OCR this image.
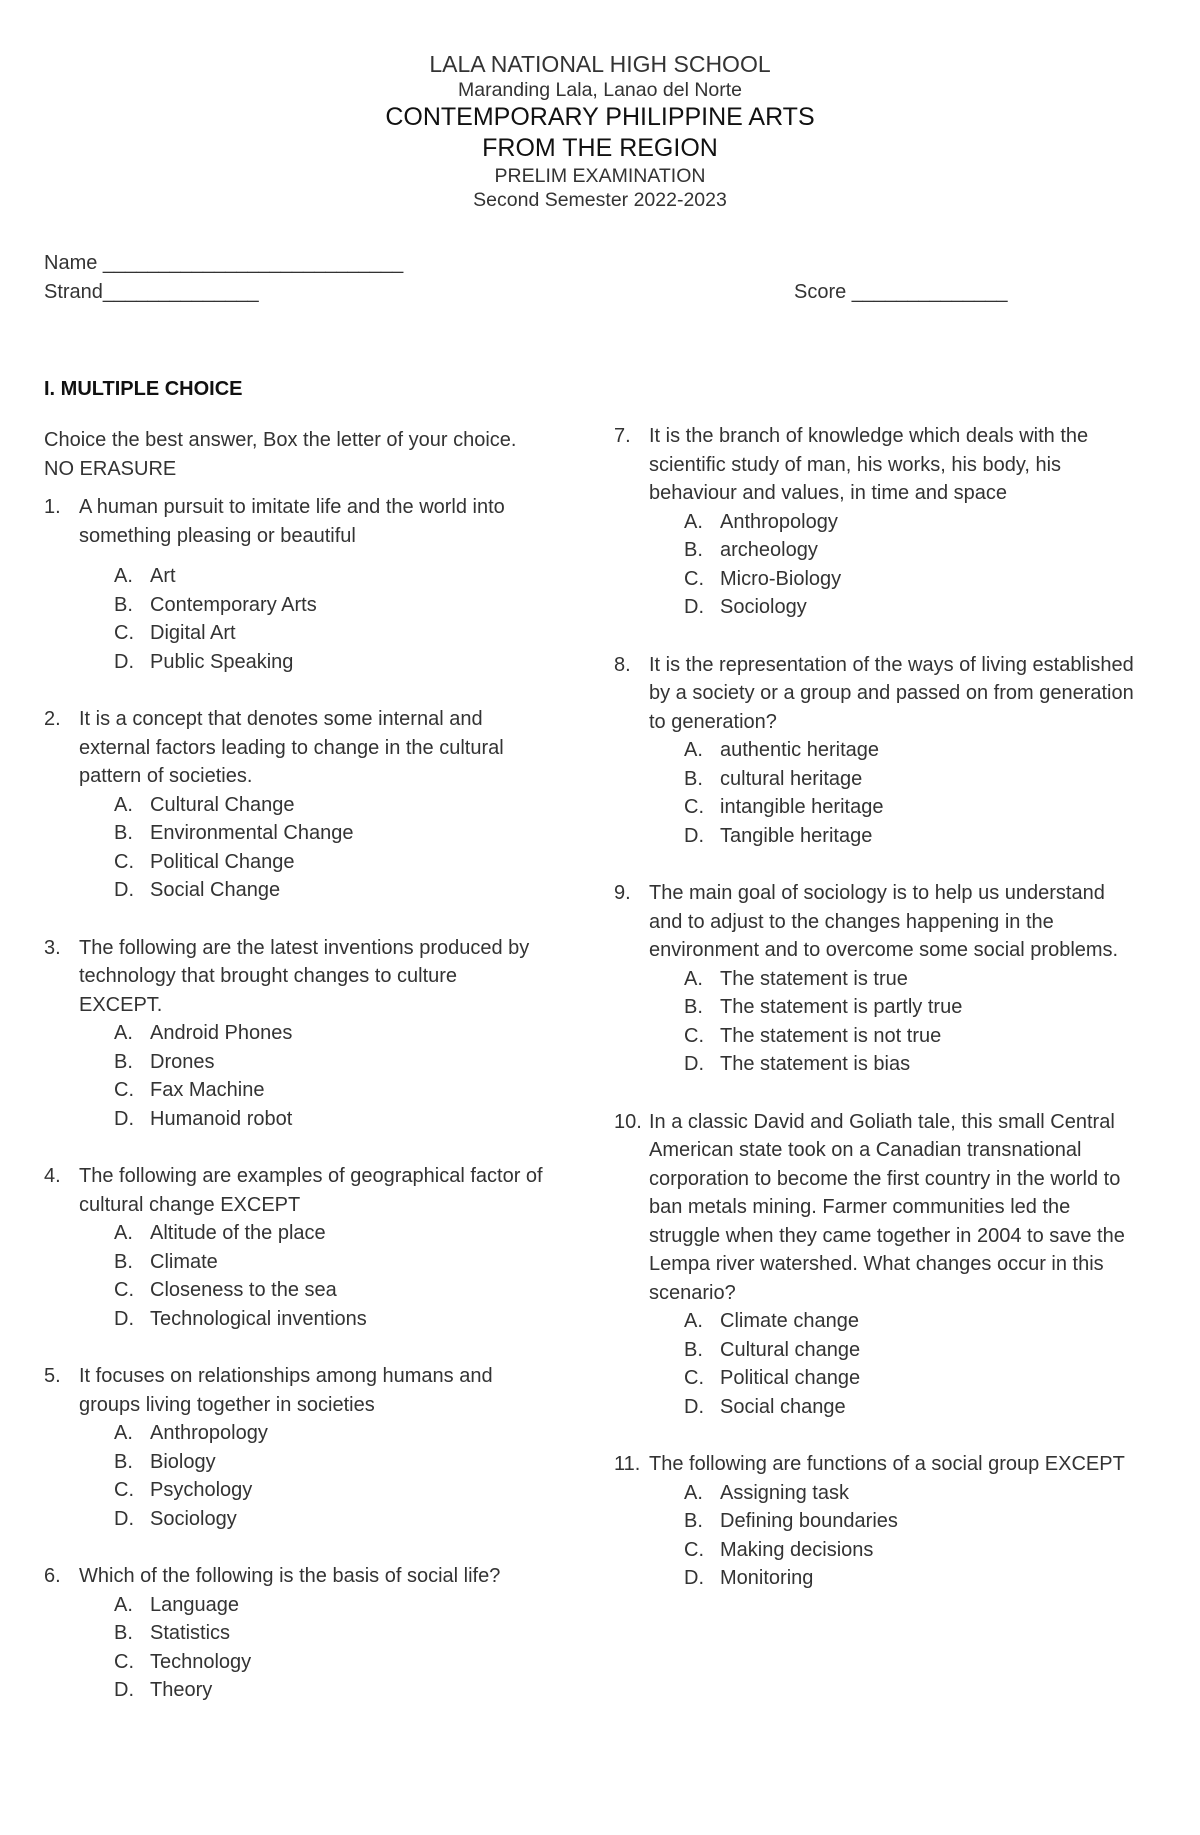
LALA NATIONAL HIGH SCHOOL
Maranding Lala, Lanao del Norte
CONTEMPORARY PHILIPPINE ARTS
FROM THE REGION
PRELIM EXAMINATION
Second Semester 2022-2023
Name ___________________________
Strand______________	Score ______________
I. MULTIPLE CHOICE
Choice the best answer, Box the letter of your choice. NO ERASURE
1. A human pursuit to imitate life and the world into something pleasing or beautiful
A. Art
B. Contemporary Arts
C. Digital Art
D. Public Speaking
2. It is a concept that denotes some internal and external factors leading to change in the cultural pattern of societies.
A. Cultural Change
B. Environmental Change
C. Political Change
D. Social Change
3. The following are the latest inventions produced by technology that brought changes to culture EXCEPT.
A. Android Phones
B. Drones
C. Fax Machine
D. Humanoid robot
4. The following are examples of geographical factor of cultural change EXCEPT
A. Altitude of the place
B. Climate
C. Closeness to the sea
D. Technological inventions
5. It focuses on relationships among humans and groups living together in societies
A. Anthropology
B. Biology
C. Psychology
D. Sociology
6. Which of the following is the basis of social life?
A. Language
B. Statistics
C. Technology
D. Theory
7. It is the branch of knowledge which deals with the scientific study of man, his works, his body, his behaviour and values, in time and space
A. Anthropology
B. archeology
C. Micro-Biology
D. Sociology
8. It is the representation of the ways of living established by a society or a group and passed on from generation to generation?
A. authentic heritage
B. cultural heritage
C. intangible heritage
D. Tangible heritage
9. The main goal of sociology is to help us understand and to adjust to the changes happening in the environment and to overcome some social problems.
A. The statement is true
B. The statement is partly true
C. The statement is not true
D. The statement is bias
10. In a classic David and Goliath tale, this small Central American state took on a Canadian transnational corporation to become the first country in the world to ban metals mining. Farmer communities led the struggle when they came together in 2004 to save the Lempa river watershed. What changes occur in this scenario?
A. Climate change
B. Cultural change
C. Political change
D. Social change
11. The following are functions of a social group EXCEPT
A. Assigning task
B. Defining boundaries
C. Making decisions
D. Monitoring
